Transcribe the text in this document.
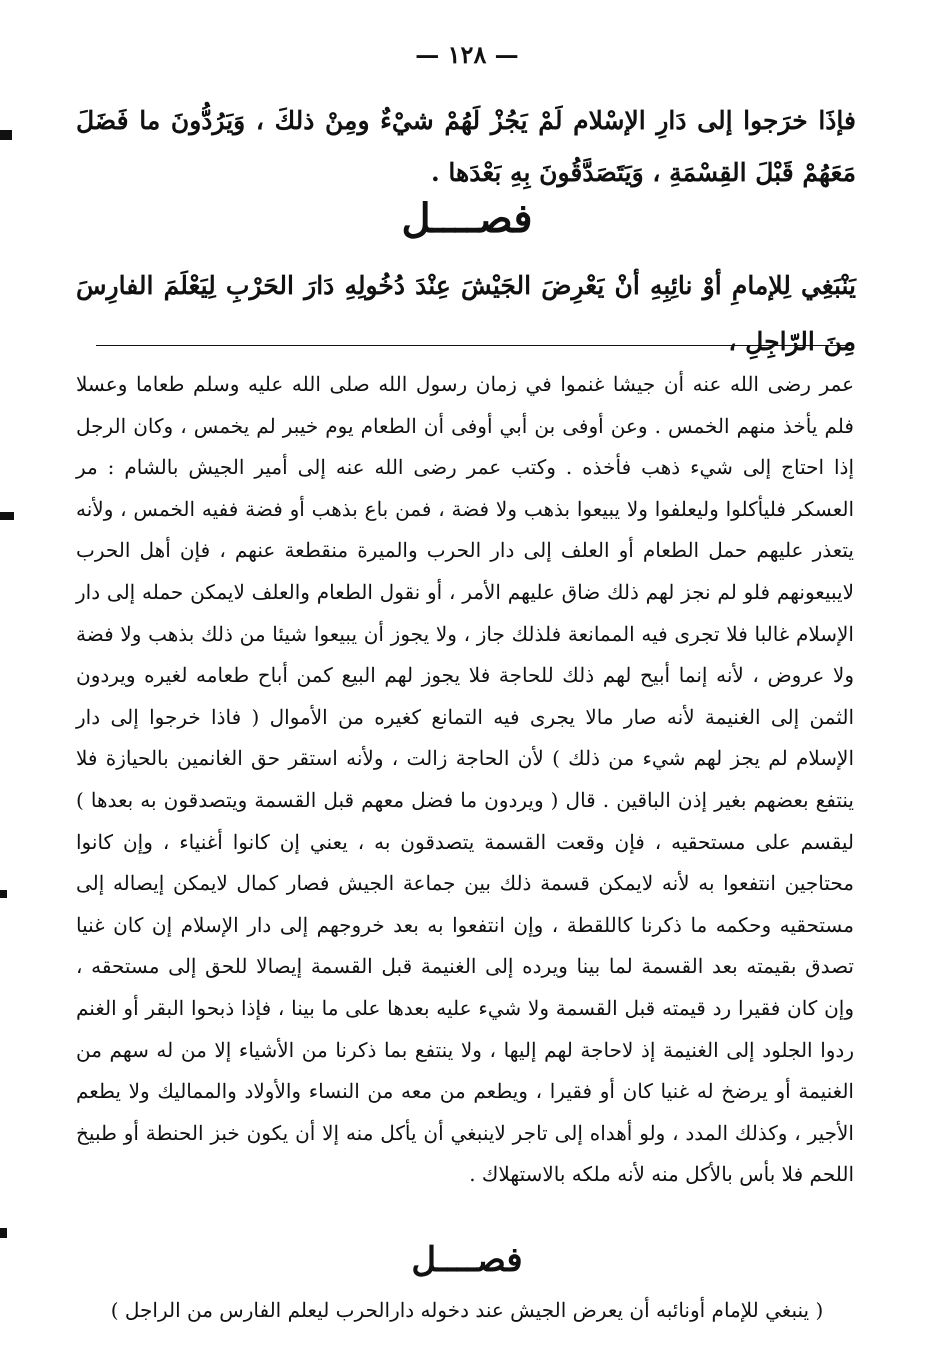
— ١٢٨ —
فإذَا خرَجوا إلى دَارِ الإسْلام لَمْ يَجُزْ لَهُمْ شيْءٌ ومِنْ ذلكَ ، وَيَرُدُّونَ ما فَضَلَ مَعَهُمْ قَبْلَ القِسْمَةِ ، وَيَتَصَدَّقُونَ بِهِ بَعْدَها .
فصــــل
يَنْبَغِي لِلإمامِ أوْ نائِبِهِ أنْ يَعْرِضَ الجَيْشَ عِنْدَ دُخُولِهِ دَارَ الحَرْبِ لِيَعْلَمَ الفارِسَ مِنَ الرّاجِلِ ،
عمر رضى الله عنه أن جيشا غنموا في زمان رسول الله صلى الله عليه وسلم طعاما وعسلا فلم يأخذ منهم الخمس . وعن أوفى بن أبي أوفى أن الطعام يوم خيبر لم يخمس ، وكان الرجل إذا احتاج إلى شيء ذهب فأخذه . وكتب عمر رضى الله عنه إلى أمير الجيش بالشام : مر العسكر فليأكلوا وليعلفوا ولا يبيعوا بذهب ولا فضة ، فمن باع بذهب أو فضة ففيه الخمس ، ولأنه يتعذر عليهم حمل الطعام أو العلف إلى دار الحرب والميرة منقطعة عنهم ، فإن أهل الحرب لايبيعونهم فلو لم نجز لهم ذلك ضاق عليهم الأمر ، أو نقول الطعام والعلف لايمكن حمله إلى دار الإسلام غالبا فلا تجرى فيه الممانعة فلذلك جاز ، ولا يجوز أن يبيعوا شيئا من ذلك بذهب ولا فضة ولا عروض ، لأنه إنما أبيح لهم ذلك للحاجة فلا يجوز لهم البيع كمن أباح طعامه لغيره ويردون الثمن إلى الغنيمة لأنه صار مالا يجرى فيه التمانع كغيره من الأموال ( فاذا خرجوا إلى دار الإسلام لم يجز لهم شيء من ذلك ) لأن الحاجة زالت ، ولأنه استقر حق الغانمين بالحيازة فلا ينتفع بعضهم بغير إذن الباقين . قال ( ويردون ما فضل معهم قبل القسمة ويتصدقون به بعدها ) ليقسم على مستحقيه ، فإن وقعت القسمة يتصدقون به ، يعني إن كانوا أغنياء ، وإن كانوا محتاجين انتفعوا به لأنه لايمكن قسمة ذلك بين جماعة الجيش فصار كمال لايمكن إيصاله إلى مستحقيه وحكمه ما ذكرنا كاللقطة ، وإن انتفعوا به بعد خروجهم إلى دار الإسلام إن كان غنيا تصدق بقيمته بعد القسمة لما بينا ويرده إلى الغنيمة قبل القسمة إيصالا للحق إلى مستحقه ، وإن كان فقيرا رد قيمته قبل القسمة ولا شيء عليه بعدها على ما بينا ، فإذا ذبحوا البقر أو الغنم ردوا الجلود إلى الغنيمة إذ لاحاجة لهم إليها ، ولا ينتفع بما ذكرنا من الأشياء إلا من له سهم من الغنيمة أو يرضخ له غنيا كان أو فقيرا ، ويطعم من معه من النساء والأولاد والمماليك ولا يطعم الأجير ، وكذلك المدد ، ولو أهداه إلى تاجر لاينبغي أن يأكل منه إلا أن يكون خبز الحنطة أو طبيخ اللحم فلا بأس بالأكل منه لأنه ملكه بالاستهلاك .
فصــــل
( ينبغي للإمام أونائبه أن يعرض الجيش عند دخوله دارالحرب ليعلم الفارس من الراجل )
